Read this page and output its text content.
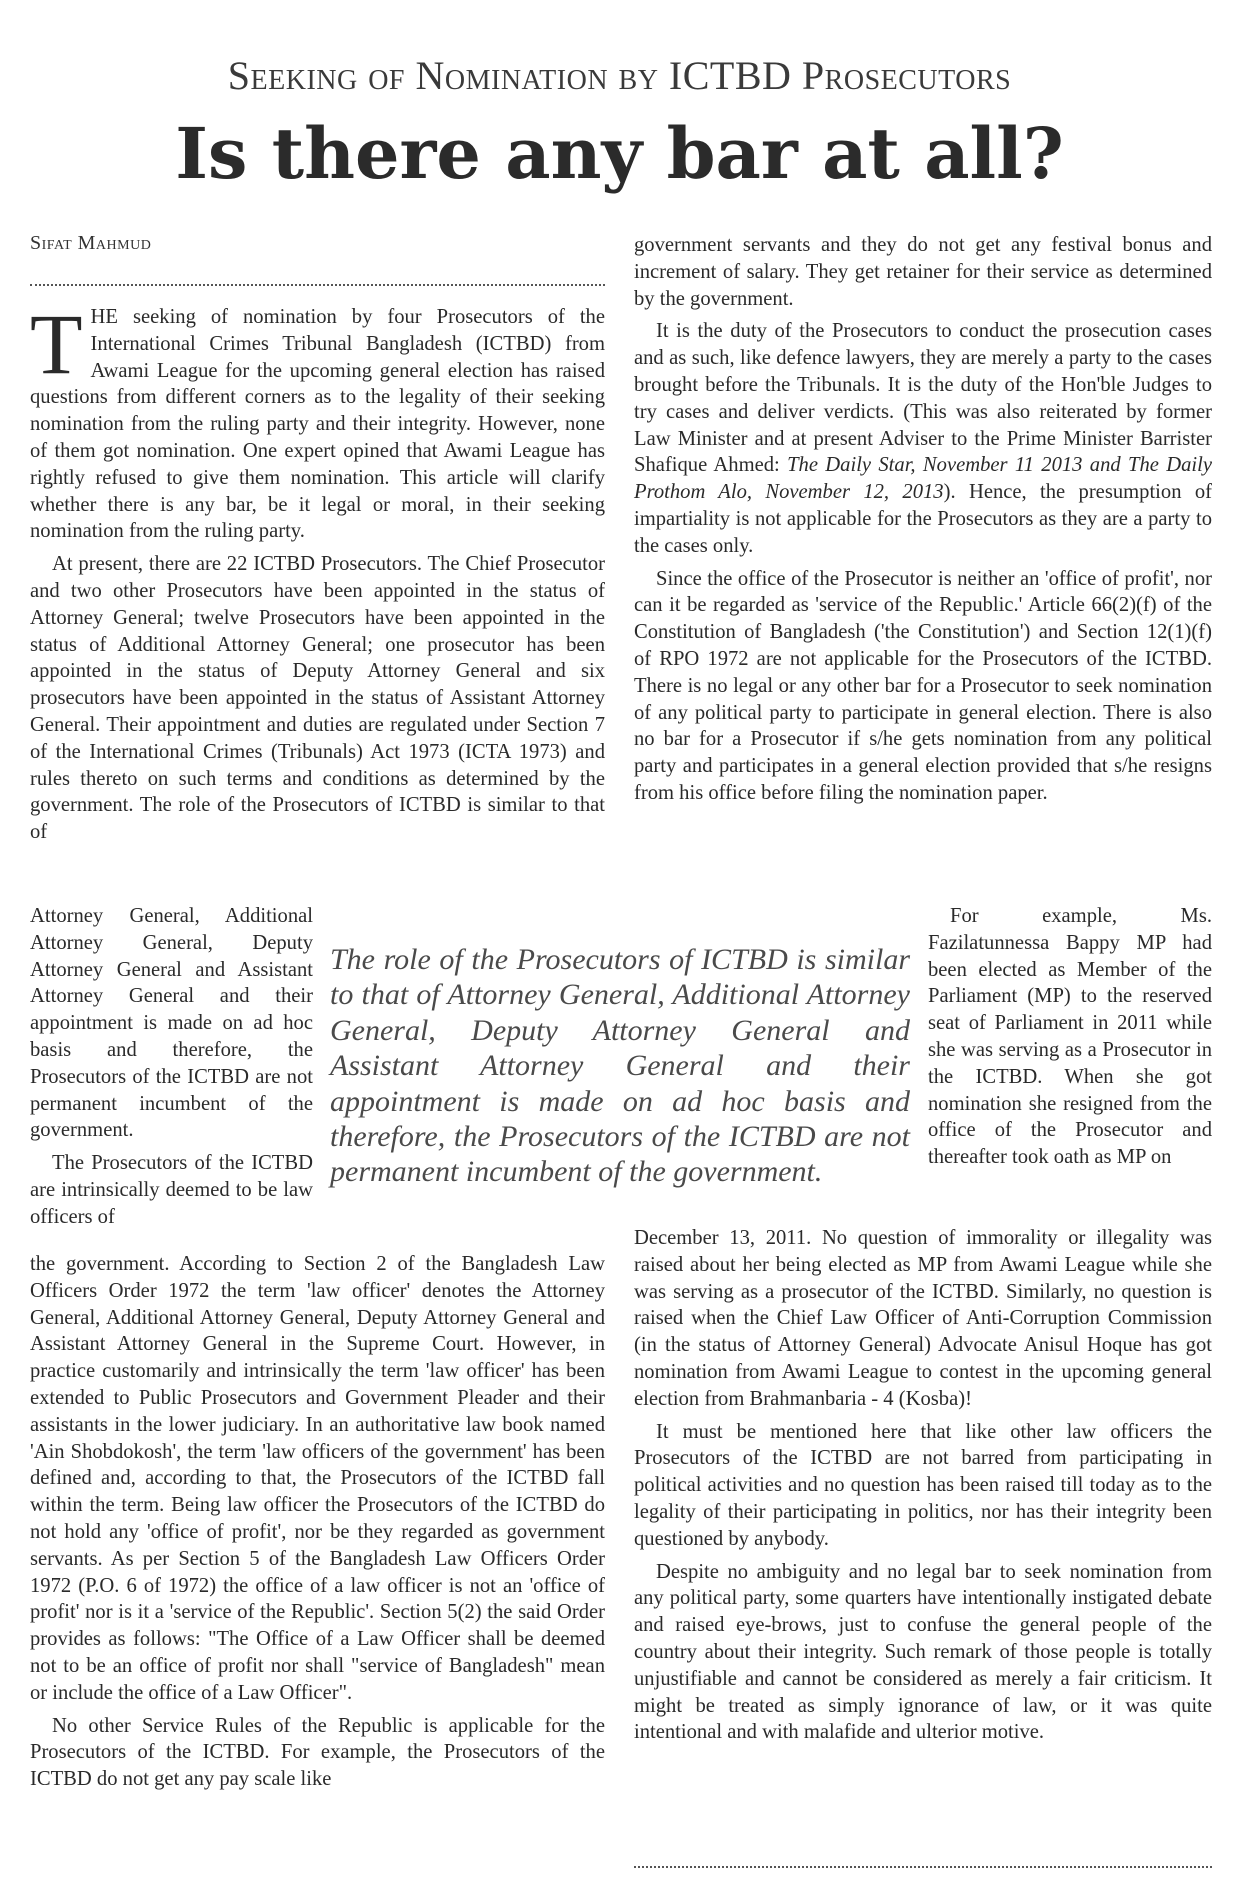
Seeking of Nomination by ICTBD Prosecutors
Is there any bar at all?
Sifat Mahmud

THE seeking of nomination by four Prosecutors of the International Crimes Tribunal Bangladesh (ICTBD) from Awami League for the upcoming general election has raised questions from different corners as to the legality of their seeking nomination from the ruling party and their integrity. However, none of them got nomination. One expert opined that Awami League has rightly refused to give them nomination. This article will clarify whether there is any bar, be it legal or moral, in their seeking nomination from the ruling party.

At present, there are 22 ICTBD Prosecutors. The Chief Prosecutor and two other Prosecutors have been appointed in the status of Attorney General; twelve Prosecutors have been appointed in the status of Additional Attorney General; one prosecutor has been appointed in the status of Deputy Attorney General and six prosecutors have been appointed in the status of Assistant Attorney General. Their appointment and duties are regulated under Section 7 of the International Crimes (Tribunals) Act 1973 (ICTA 1973) and rules thereto on such terms and conditions as determined by the government. The role of the Prosecutors of ICTBD is similar to that of

Attorney General, Additional Attorney General, Deputy Attorney General and Assistant Attorney General and their appointment is made on ad hoc basis and therefore, the Prosecutors of the ICTBD are not permanent incumbent of the government.

The Prosecutors of the ICTBD are intrinsically deemed to be law officers of

the government. According to Section 2 of the Bangladesh Law Officers Order 1972 the term 'law officer' denotes the Attorney General, Additional Attorney General, Deputy Attorney General and Assistant Attorney General in the Supreme Court. However, in practice customarily and intrinsically the term 'law officer' has been extended to Public Prosecutors and Government Pleader and their assistants in the lower judiciary. In an authoritative law book named 'Ain Shobdokosh', the term 'law officers of the government' has been defined and, according to that, the Prosecutors of the ICTBD fall within the term. Being law officer the Prosecutors of the ICTBD do not hold any 'office of profit', nor be they regarded as government servants. As per Section 5 of the Bangladesh Law Officers Order 1972 (P.O. 6 of 1972) the office of a law officer is not an 'office of profit' nor is it a 'service of the Republic'. Section 5(2) the said Order provides as follows: "The Office of a Law Officer shall be deemed not to be an office of profit nor shall "service of Bangladesh" mean or include the office of a Law Officer".

No other Service Rules of the Republic is applicable for the Prosecutors of the ICTBD. For example, the Prosecutors of the ICTBD do not get any pay scale like

The role of the Prosecutors of ICTBD is similar to that of Attorney General, Additional Attorney General, Deputy Attorney General and Assistant Attorney General and their appointment is made on ad hoc basis and therefore, the Prosecutors of the ICTBD are not permanent incumbent of the government.

government servants and they do not get any festival bonus and increment of salary. They get retainer for their service as determined by the government.

It is the duty of the Prosecutors to conduct the prosecution cases and as such, like defence lawyers, they are merely a party to the cases brought before the Tribunals. It is the duty of the Hon'ble Judges to try cases and deliver verdicts. (This was also reiterated by former Law Minister and at present Adviser to the Prime Minister Barrister Shafique Ahmed: The Daily Star, November 11 2013 and The Daily Prothom Alo, November 12, 2013). Hence, the presumption of impartiality is not applicable for the Prosecutors as they are a party to the cases only.

Since the office of the Prosecutor is neither an 'office of profit', nor can it be regarded as 'service of the Republic.' Article 66(2)(f) of the Constitution of Bangladesh ('the Constitution') and Section 12(1)(f) of RPO 1972 are not applicable for the Prosecutors of the ICTBD. There is no legal or any other bar for a Prosecutor to seek nomination of any political party to participate in general election. There is also no bar for a Prosecutor if s/he gets nomination from any political party and participates in a general election provided that s/he resigns from his office before filing the nomination paper.

For example, Ms. Fazilatunnessa Bappy MP had been elected as Member of the Parliament (MP) to the reserved seat of Parliament in 2011 while she was serving as a Prosecutor in the ICTBD. When she got nomination she resigned from the office of the Prosecutor and thereafter took oath as MP on

December 13, 2011. No question of immorality or illegality was raised about her being elected as MP from Awami League while she was serving as a prosecutor of the ICTBD. Similarly, no question is raised when the Chief Law Officer of Anti-Corruption Commission (in the status of Attorney General) Advocate Anisul Hoque has got nomination from Awami League to contest in the upcoming general election from Brahmanbaria - 4 (Kosba)!

It must be mentioned here that like other law officers the Prosecutors of the ICTBD are not barred from participating in political activities and no question has been raised till today as to the legality of their participating in politics, nor has their integrity been questioned by anybody.

Despite no ambiguity and no legal bar to seek nomination from any political party, some quarters have intentionally instigated debate and raised eye-brows, just to confuse the general people of the country about their integrity. Such remark of those people is totally unjustifiable and cannot be considered as merely a fair criticism. It might be treated as simply ignorance of law, or it was quite intentional and with malafide and ulterior motive.
